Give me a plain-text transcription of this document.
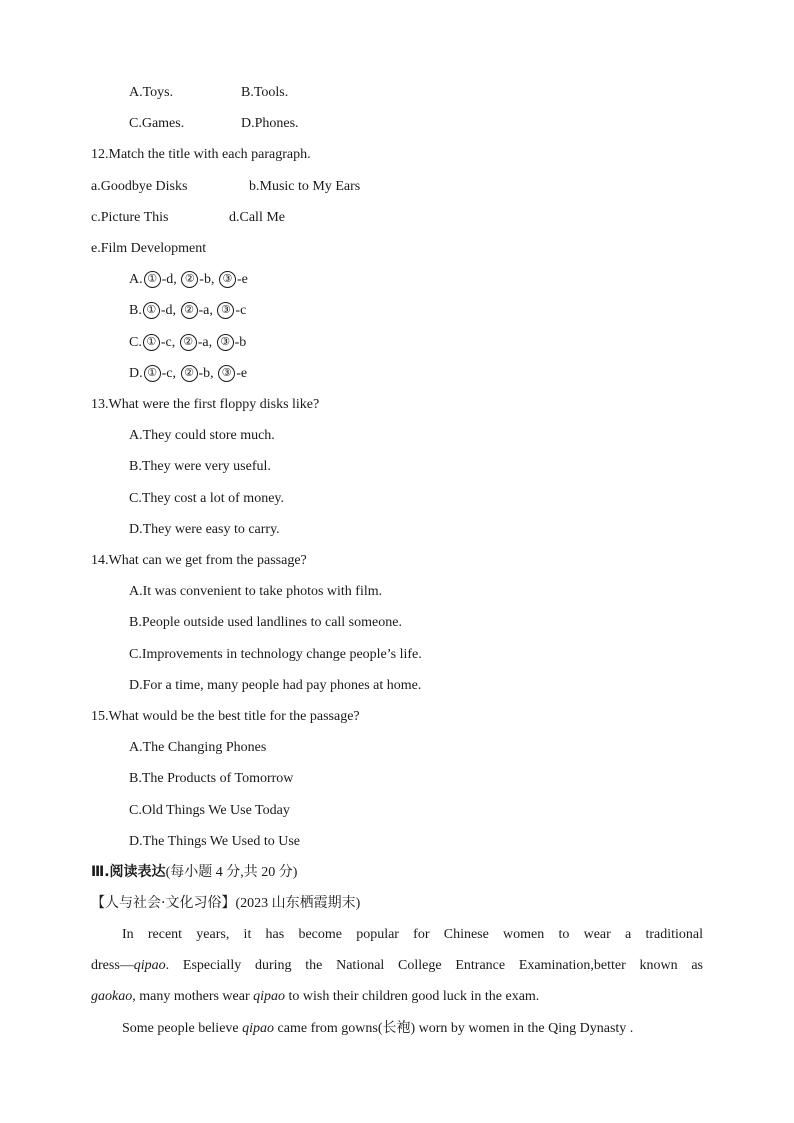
A.Toys.	B.Tools.
C.Games.	D.Phones.
12.Match the title with each paragraph.
a.Goodbye Disks	b.Music to My Ears
c.Picture This	d.Call Me
e.Film Development
A. ① -d, ② -b, ③ -e
B. ① -d, ② -a, ③ -c
C. ① -c, ② -a, ③ -b
D. ① -c, ② -b, ③ -e
13.What were the first floppy disks like?
A.They could store much.
B.They were very useful.
C.They cost a lot of money.
D.They were easy to carry.
14.What can we get from the passage?
A.It was convenient to take photos with film.
B.People outside used landlines to call someone.
C.Improvements in technology change people’s life.
D.For a time, many people had pay phones at home.
15.What would be the best title for the passage?
A.The Changing Phones
B.The Products of Tomorrow
C.Old Things We Use Today
D.The Things We Used to Use
Ⅲ.阅读表达(每小题 4 分,共 20 分)
【人与社会·文化习俗】(2023 山东栖霞期末)
In recent years, it has become popular for Chinese women to wear a traditional
dress—qipao. Especially during the National College Entrance Examination,better known as
gaokao, many mothers wear qipao to wish their children good luck in the exam.
Some people believe qipao came from gowns(长袍) worn by women in the Qing Dynasty .
